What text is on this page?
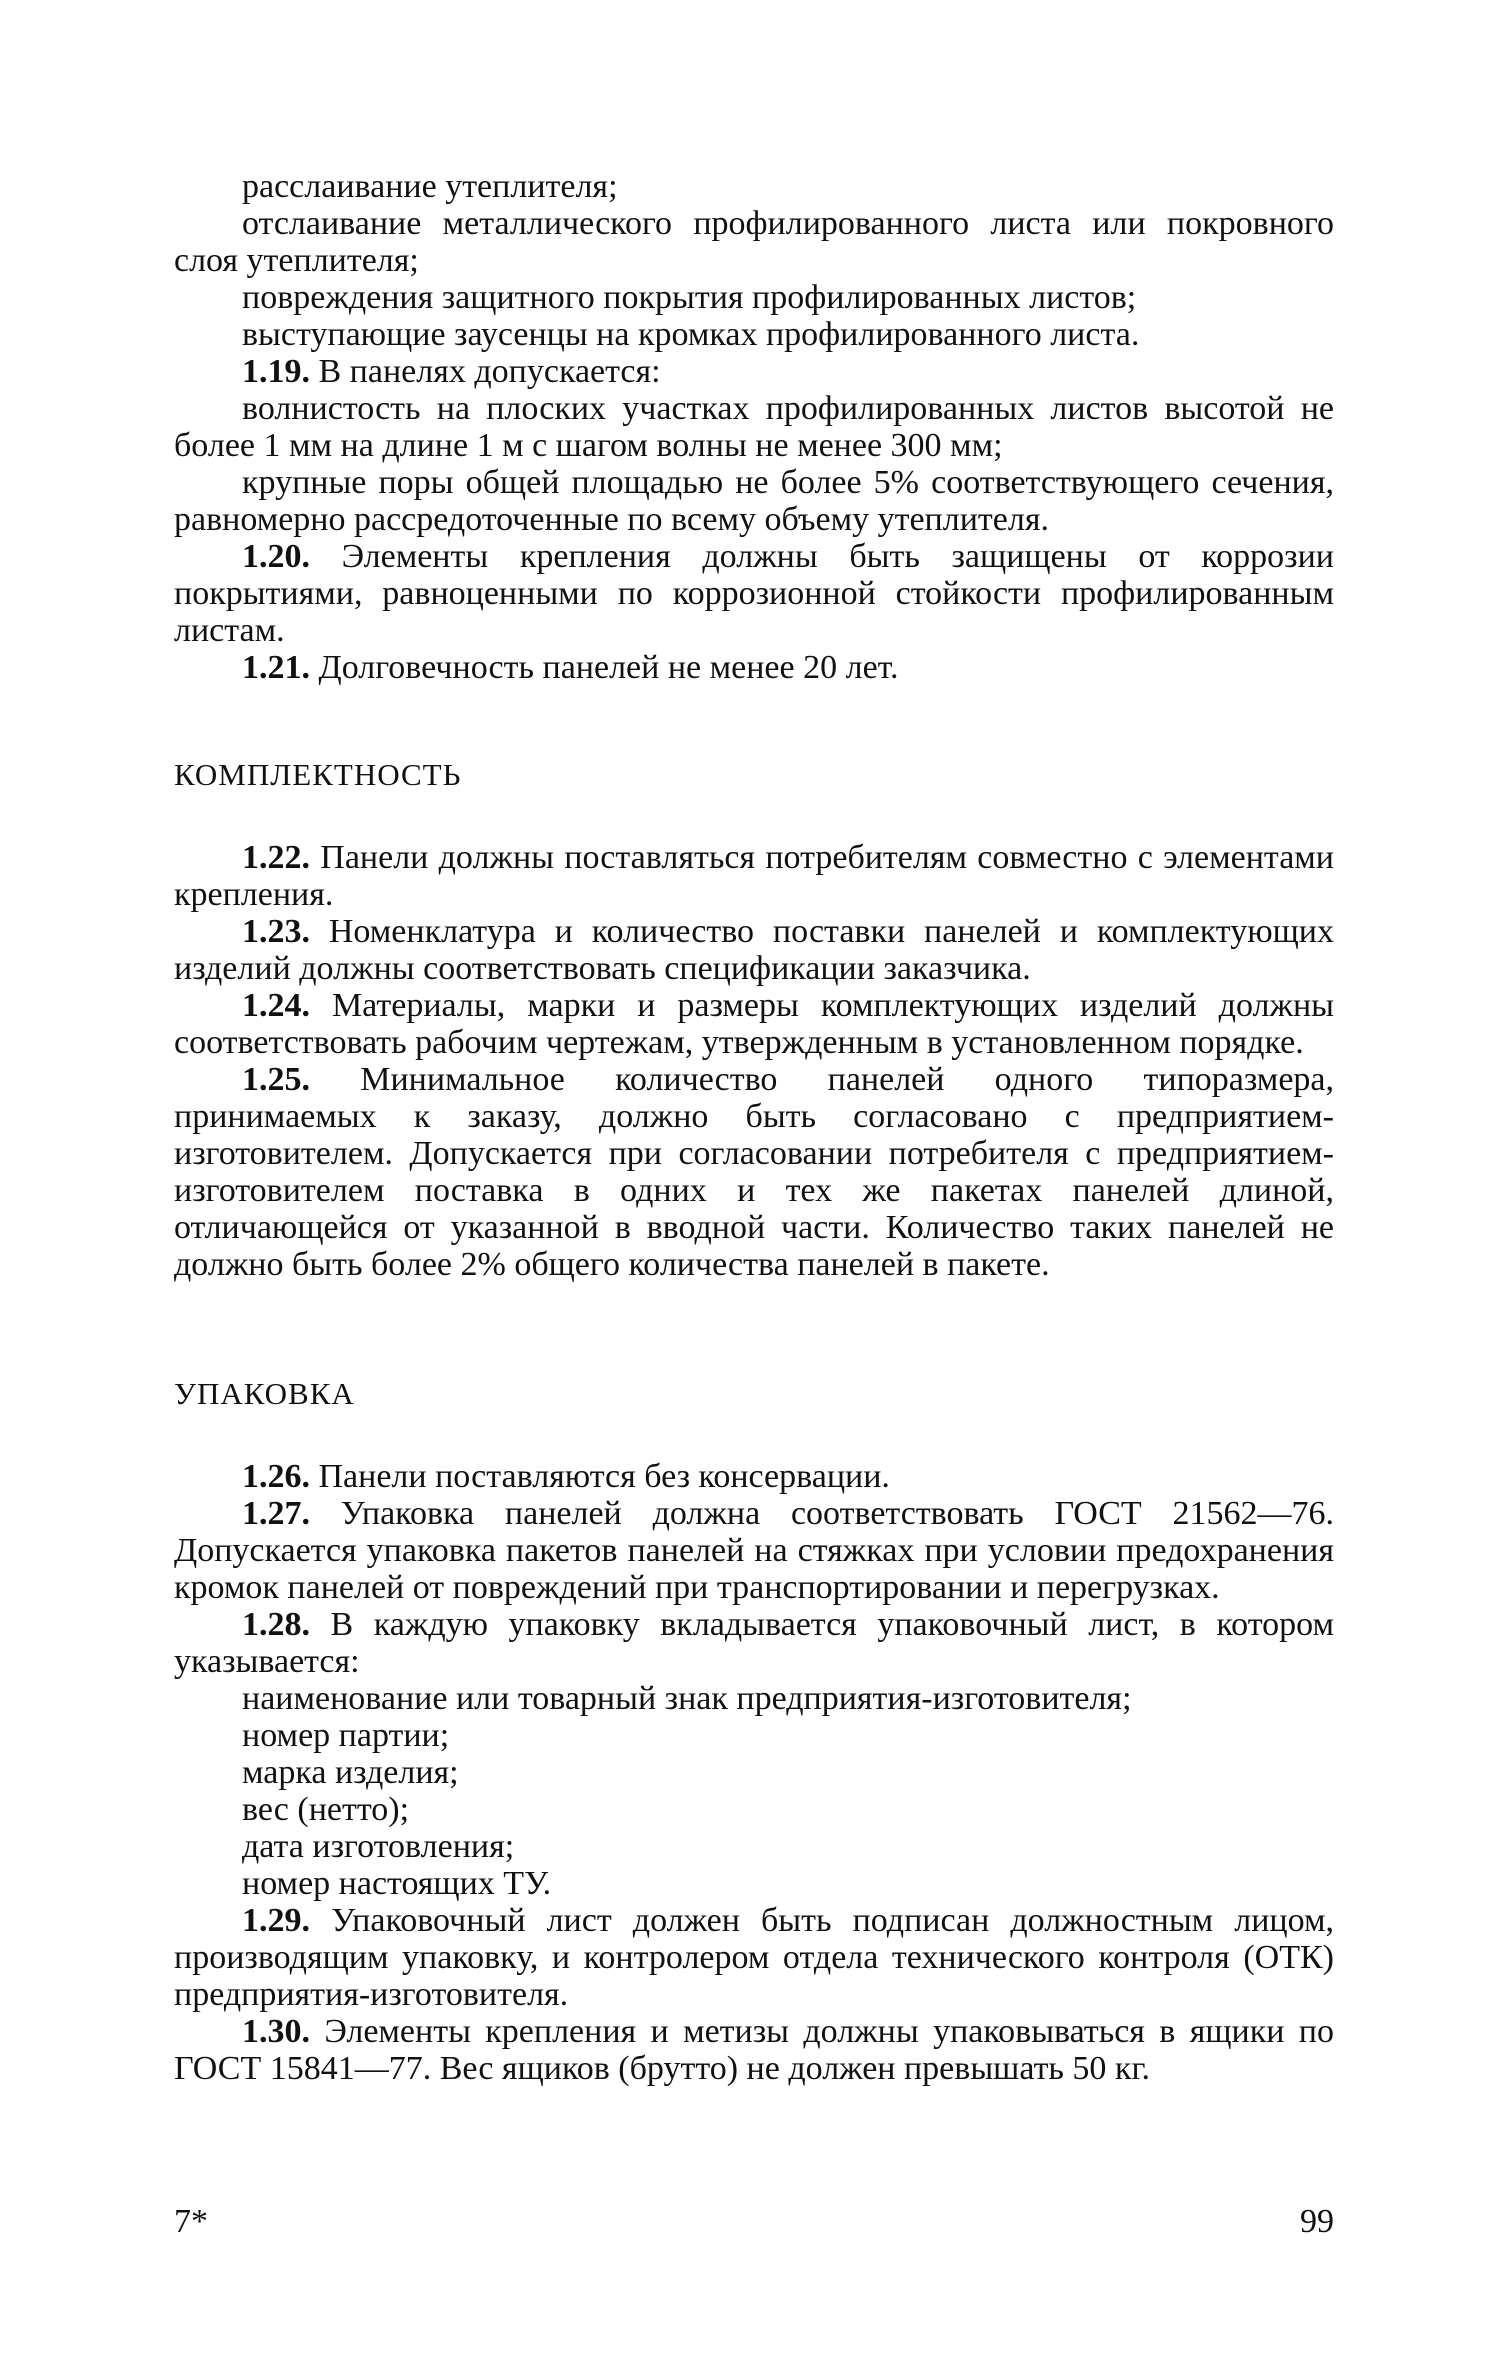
расслаивание утеплителя;

отслаивание металлического профилированного листа или покровного слоя утеплителя;

повреждения защитного покрытия профилированных листов;

выступающие заусенцы на кромках профилированного листа.

1.19. В панелях допускается:

волнистость на плоских участках профилированных листов высотой не более 1 мм на длине 1 м с шагом волны не менее 300 мм;

крупные поры общей площадью не более 5% соответствующего сечения, равномерно рассредоточенные по всему объему утеплителя.

1.20. Элементы крепления должны быть защищены от коррозии покрытиями, равноценными по коррозионной стойкости профилированным листам.

1.21. Долговечность панелей не менее 20 лет.

КОМПЛЕКТНОСТЬ

1.22. Панели должны поставляться потребителям совместно с элементами крепления.

1.23. Номенклатура и количество поставки панелей и комплектующих изделий должны соответствовать спецификации заказчика.

1.24. Материалы, марки и размеры комплектующих изделий должны соответствовать рабочим чертежам, утвержденным в установленном порядке.

1.25. Минимальное количество панелей одного типоразмера, принимаемых к заказу, должно быть согласовано с предприятием-изготовителем. Допускается при согласовании потребителя с предприятием-изготовителем поставка в одних и тех же пакетах панелей длиной, отличающейся от указанной в вводной части. Количество таких панелей не должно быть более 2% общего количества панелей в пакете.

УПАКОВКА

1.26. Панели поставляются без консервации.

1.27. Упаковка панелей должна соответствовать ГОСТ 21562—76. Допускается упаковка пакетов панелей на стяжках при условии предохранения кромок панелей от повреждений при транспортировании и перегрузках.

1.28. В каждую упаковку вкладывается упаковочный лист, в котором указывается:

наименование или товарный знак предприятия-изготовителя;

номер партии;

марка изделия;

вес (нетто);

дата изготовления;

номер настоящих ТУ.

1.29. Упаковочный лист должен быть подписан должностным лицом, производящим упаковку, и контролером отдела технического контроля (ОТК) предприятия-изготовителя.

1.30. Элементы крепления и метизы должны упаковываться в ящики по ГОСТ 15841—77. Вес ящиков (брутто) не должен превышать 50 кг.

7*	99
